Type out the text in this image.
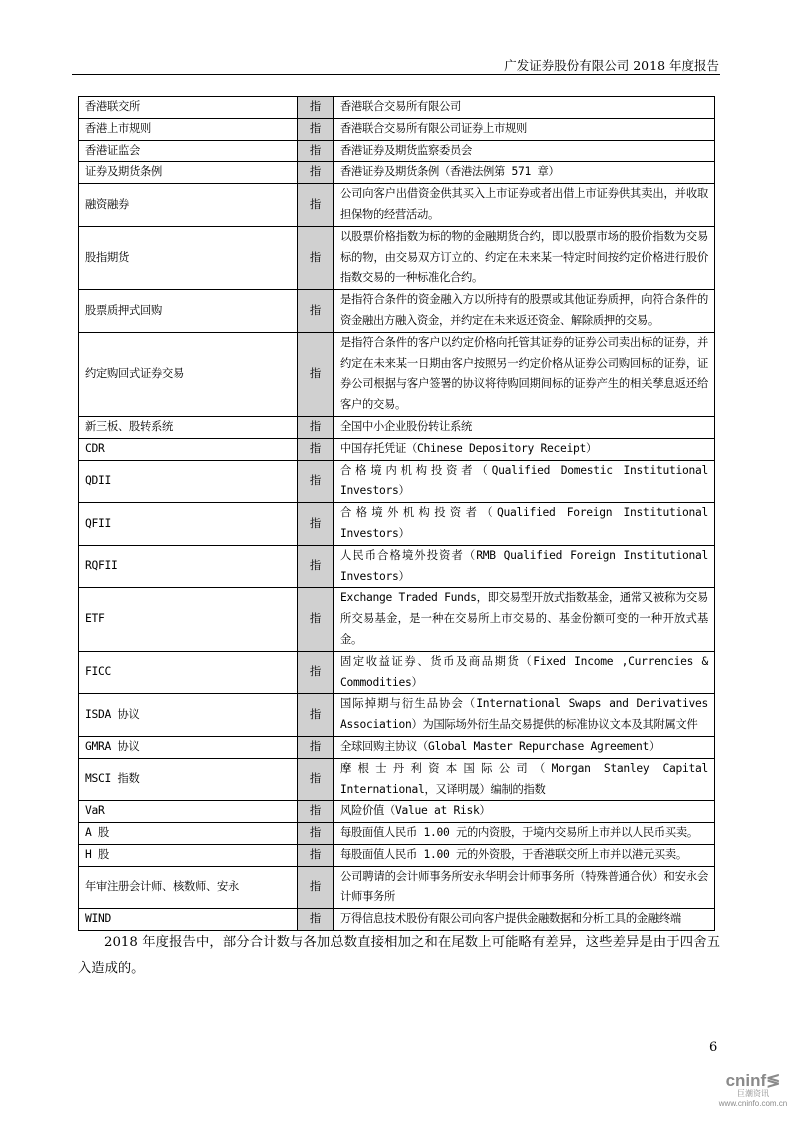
广发证券股份有限公司 2018 年度报告
香港联交所	指	香港联合交易所有限公司
香港上市规则	指	香港联合交易所有限公司证券上市规则
香港证监会	指	香港证券及期货监察委员会
证券及期货条例	指	香港证券及期货条例（香港法例第 571 章）
融资融券	指	公司向客户出借资金供其买入上市证券或者出借上市证券供其卖出，并收取担保物的经营活动。
股指期货	指	以股票价格指数为标的物的金融期货合约，即以股票市场的股价指数为交易标的物，由交易双方订立的、约定在未来某一特定时间按约定价格进行股价指数交易的一种标准化合约。
股票质押式回购	指	是指符合条件的资金融入方以所持有的股票或其他证券质押，向符合条件的资金融出方融入资金，并约定在未来返还资金、解除质押的交易。
约定购回式证券交易	指	是指符合条件的客户以约定价格向托管其证券的证券公司卖出标的证券，并约定在未来某一日期由客户按照另一约定价格从证券公司购回标的证券，证券公司根据与客户签署的协议将待购回期间标的证券产生的相关孳息返还给客户的交易。
新三板、股转系统	指	全国中小企业股份转让系统
CDR	指	中国存托凭证（Chinese Depository Receipt）
QDII	指	合格境内机构投资者（Qualified Domestic Institutional Investors）
QFII	指	合格境外机构投资者（Qualified Foreign Institutional Investors）
RQFII	指	人民币合格境外投资者（RMB Qualified Foreign Institutional Investors）
ETF	指	Exchange Traded Funds，即交易型开放式指数基金，通常又被称为交易所交易基金，是一种在交易所上市交易的、基金份额可变的一种开放式基金。
FICC	指	固定收益证券、货币及商品期货（Fixed Income ,Currencies & Commodities）
ISDA 协议	指	国际掉期与衍生品协会（International Swaps and Derivatives Association）为国际场外衍生品交易提供的标准协议文本及其附属文件
GMRA 协议	指	全球回购主协议（Global Master Repurchase Agreement）
MSCI 指数	指	摩根士丹利资本国际公司（Morgan Stanley Capital International，又译明晟）编制的指数
VaR	指	风险价值（Value at Risk）
A 股	指	每股面值人民币 1.00 元的内资股，于境内交易所上市并以人民币买卖。
H 股	指	每股面值人民币 1.00 元的外资股，于香港联交所上市并以港元买卖。
年审注册会计师、核数师、安永	指	公司聘请的会计师事务所安永华明会计师事务所（特殊普通合伙）和安永会计师事务所
WIND	指	万得信息技术股份有限公司向客户提供金融数据和分析工具的金融终端
2018 年度报告中，部分合计数与各加总数直接相加之和在尾数上可能略有差异，这些差异是由于四舍五入造成的。
6
cninf≶
巨潮资讯
www.cninfo.com.cn
